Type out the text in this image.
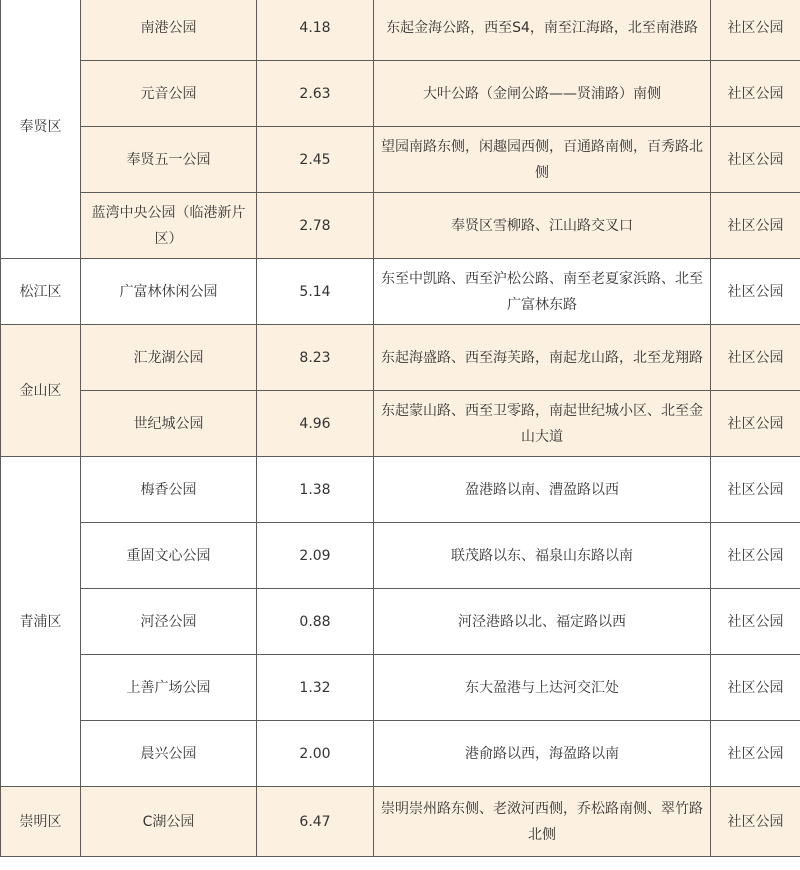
奉贤区	南港公园	4.18	东起金海公路，西至S4，南至江海路，北至南港路	社区公园
	元音公园	2.63	大叶公路（金闸公路——贤浦路）南侧	社区公园
	奉贤五一公园	2.45	望园南路东侧，闲趣园西侧，百通路南侧，百秀路北侧	社区公园
	蓝湾中央公园（临港新片区）	2.78	奉贤区雪柳路、江山路交叉口	社区公园
松江区	广富林休闲公园	5.14	东至中凯路、西至沪松公路、南至老夏家浜路、北至广富林东路	社区公园
金山区	汇龙湖公园	8.23	东起海盛路、西至海芙路，南起龙山路，北至龙翔路	社区公园
	世纪城公园	4.96	东起蒙山路、西至卫零路，南起世纪城小区、北至金山大道	社区公园
青浦区	梅香公园	1.38	盈港路以南、漕盈路以西	社区公园
	重固文心公园	2.09	联茂路以东、福泉山东路以南	社区公园
	河泾公园	0.88	河泾港路以北、福定路以西	社区公园
	上善广场公园	1.32	东大盈港与上达河交汇处	社区公园
	晨兴公园	2.00	港俞路以西，海盈路以南	社区公园
崇明区	C湖公园	6.47	崇明崇州路东侧、老滧河西侧，乔松路南侧、翠竹路北侧	社区公园
